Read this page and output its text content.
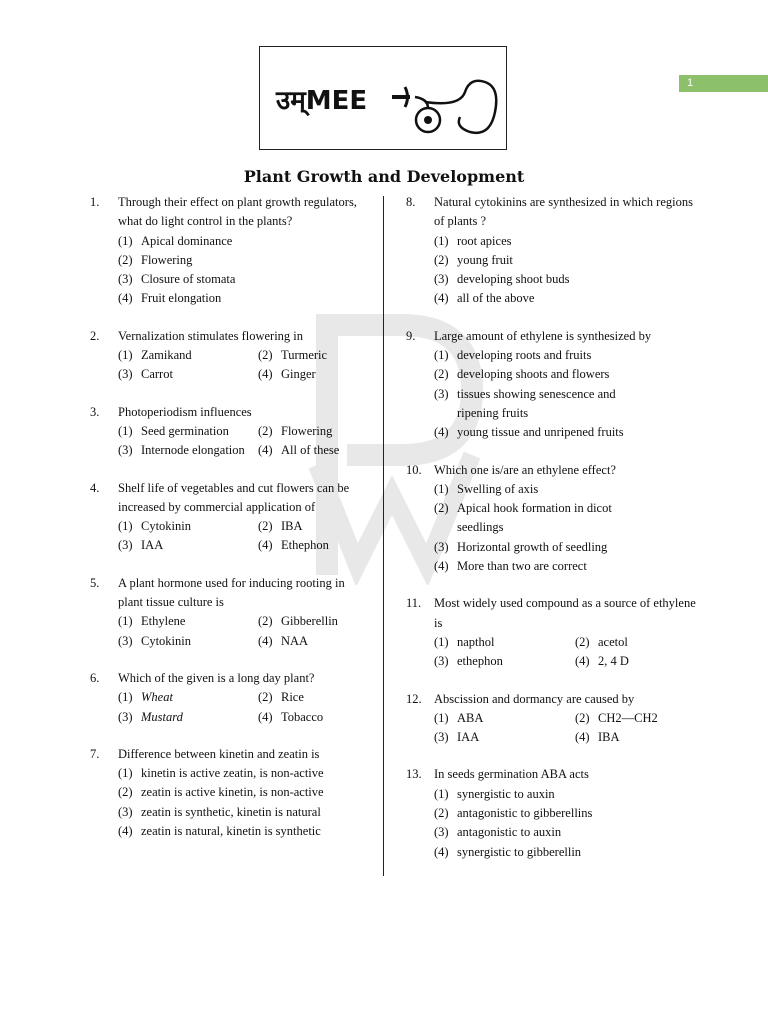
1
उम्MEE
Plant Growth and Development
1.	Through their effect on plant growth regulators, what do light control in the plants?
(1) Apical dominance
(2) Flowering
(3) Closure of stomata
(4) Fruit elongation
2.	Vernalization stimulates flowering in
(1) Zamikand	(2) Turmeric
(3) Carrot	(4) Ginger
3.	Photoperiodism influences
(1) Seed germination (2) Flowering
(3) Internode elongation (4) All of these
4.	Shelf life of vegetables and cut flowers can be increased by commercial application of
(1) Cytokinin	(2) IBA
(3) IAA	(4) Ethephon
5.	A plant hormone used for inducing rooting in plant tissue culture is
(1) Ethylene	(2) Gibberellin
(3) Cytokinin	(4) NAA
6.	Which of the given is a long day plant?
(1) Wheat	(2) Rice
(3) Mustard	(4) Tobacco
7.	Difference between kinetin and zeatin is
(1) kinetin is active zeatin, is non-active
(2) zeatin is active kinetin, is non-active
(3) zeatin is synthetic, kinetin is natural
(4) zeatin is natural, kinetin is synthetic
8.	Natural cytokinins are synthesized in which regions of plants ?
(1) root apices
(2) young fruit
(3) developing shoot buds
(4) all of the above
9.	Large amount of ethylene is synthesized by
(1) developing roots and fruits
(2) developing shoots and flowers
(3) tissues showing senescence and ripening fruits
(4) young tissue and unripened fruits
10. Which one is/are an ethylene effect?
(1) Swelling of axis
(2) Apical hook formation in dicot seedlings
(3) Horizontal growth of seedling
(4) More than two are correct
11.	Most widely used compound as a source of ethylene is
(1) napthol	(2) acetol
(3) ethephon	(4) 2, 4 D
12. Abscission and dormancy are caused by
(1) ABA	(2) CH2—CH2
(3) IAA	(4) IBA
13. In seeds germination ABA acts
(1) synergistic to auxin
(2) antagonistic to gibberellins
(3) antagonistic to auxin
(4) synergistic to gibberellin
